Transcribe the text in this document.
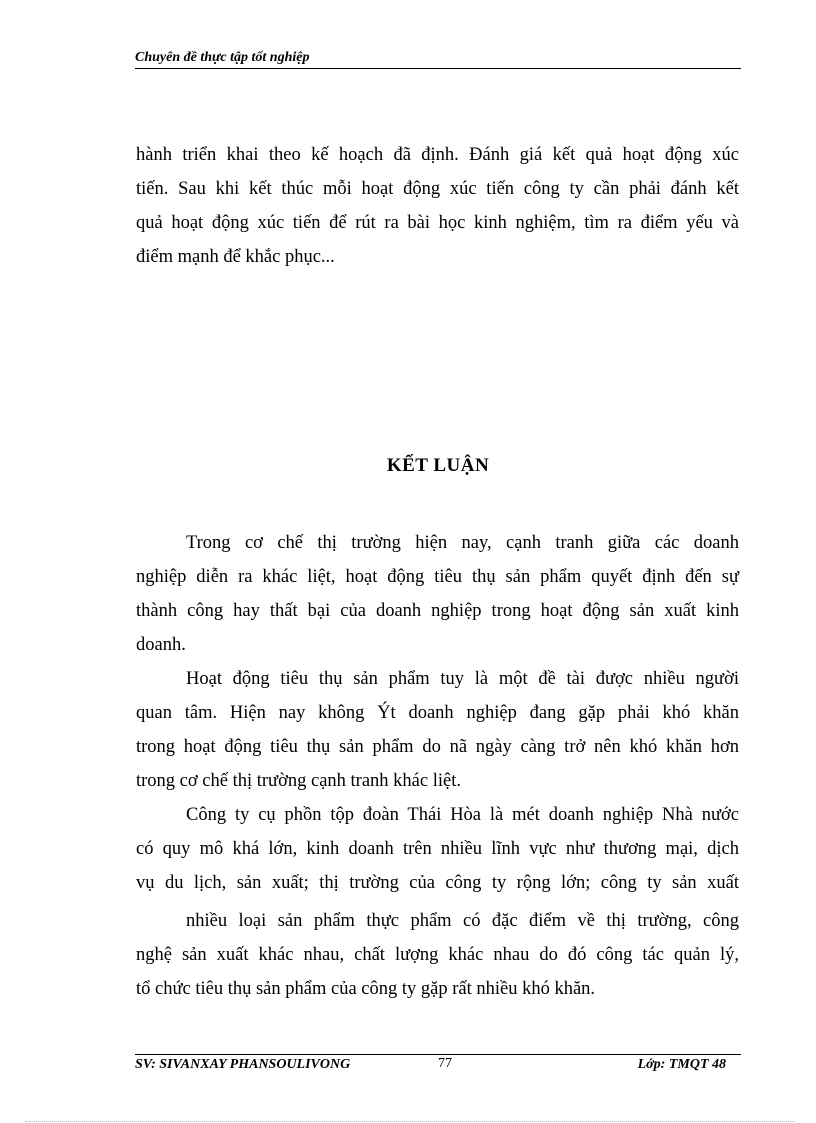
Chuyên đề thực tập tốt nghiệp
hành triển khai theo kế hoạch đã định. Đánh giá kết quả hoạt động xúc
tiến. Sau khi kết thúc mỗi hoạt động xúc tiến công ty cần phải đánh kết
quả hoạt động xúc tiến để rút ra bài học kinh nghiệm, tìm ra điểm yếu và
điểm mạnh để khắc phục...
KẾT LUẬN
Trong cơ chế thị trường hiện nay, cạnh tranh giữa các doanh
nghiệp diễn ra khác liệt, hoạt động tiêu thụ sản phẩm quyết định đến sự
thành công hay thất bại của doanh nghiệp trong hoạt động sản xuất kinh
doanh.
Hoạt động tiêu thụ sản phẩm tuy là một đề tài được nhiều người
quan tâm. Hiện nay không Ýt doanh nghiệp đang gặp phải khó khăn
trong hoạt động tiêu thụ sản phẩm do nã ngày càng trở nên khó khăn hơn
trong cơ chế thị trường cạnh tranh khác liệt.
Công ty cụ phồn tộp đoàn Thái Hòa là mét doanh nghiệp Nhà nước
có quy mô khá lớn, kinh doanh trên nhiều lĩnh vực như thương mại, dịch
vụ du lịch, sản xuất; thị trường của công ty rộng lớn; công ty sản xuất
nhiều loại sản phẩm thực phẩm có đặc điểm về thị trường, công
nghệ sản xuất khác nhau, chất lượng khác nhau do đó công tác quản lý,
tổ chức tiêu thụ sản phẩm của công ty gặp rất nhiều khó khăn.
SV: SIVANXAY PHANSOULIVONG	77	Lớp: TMQT 48
